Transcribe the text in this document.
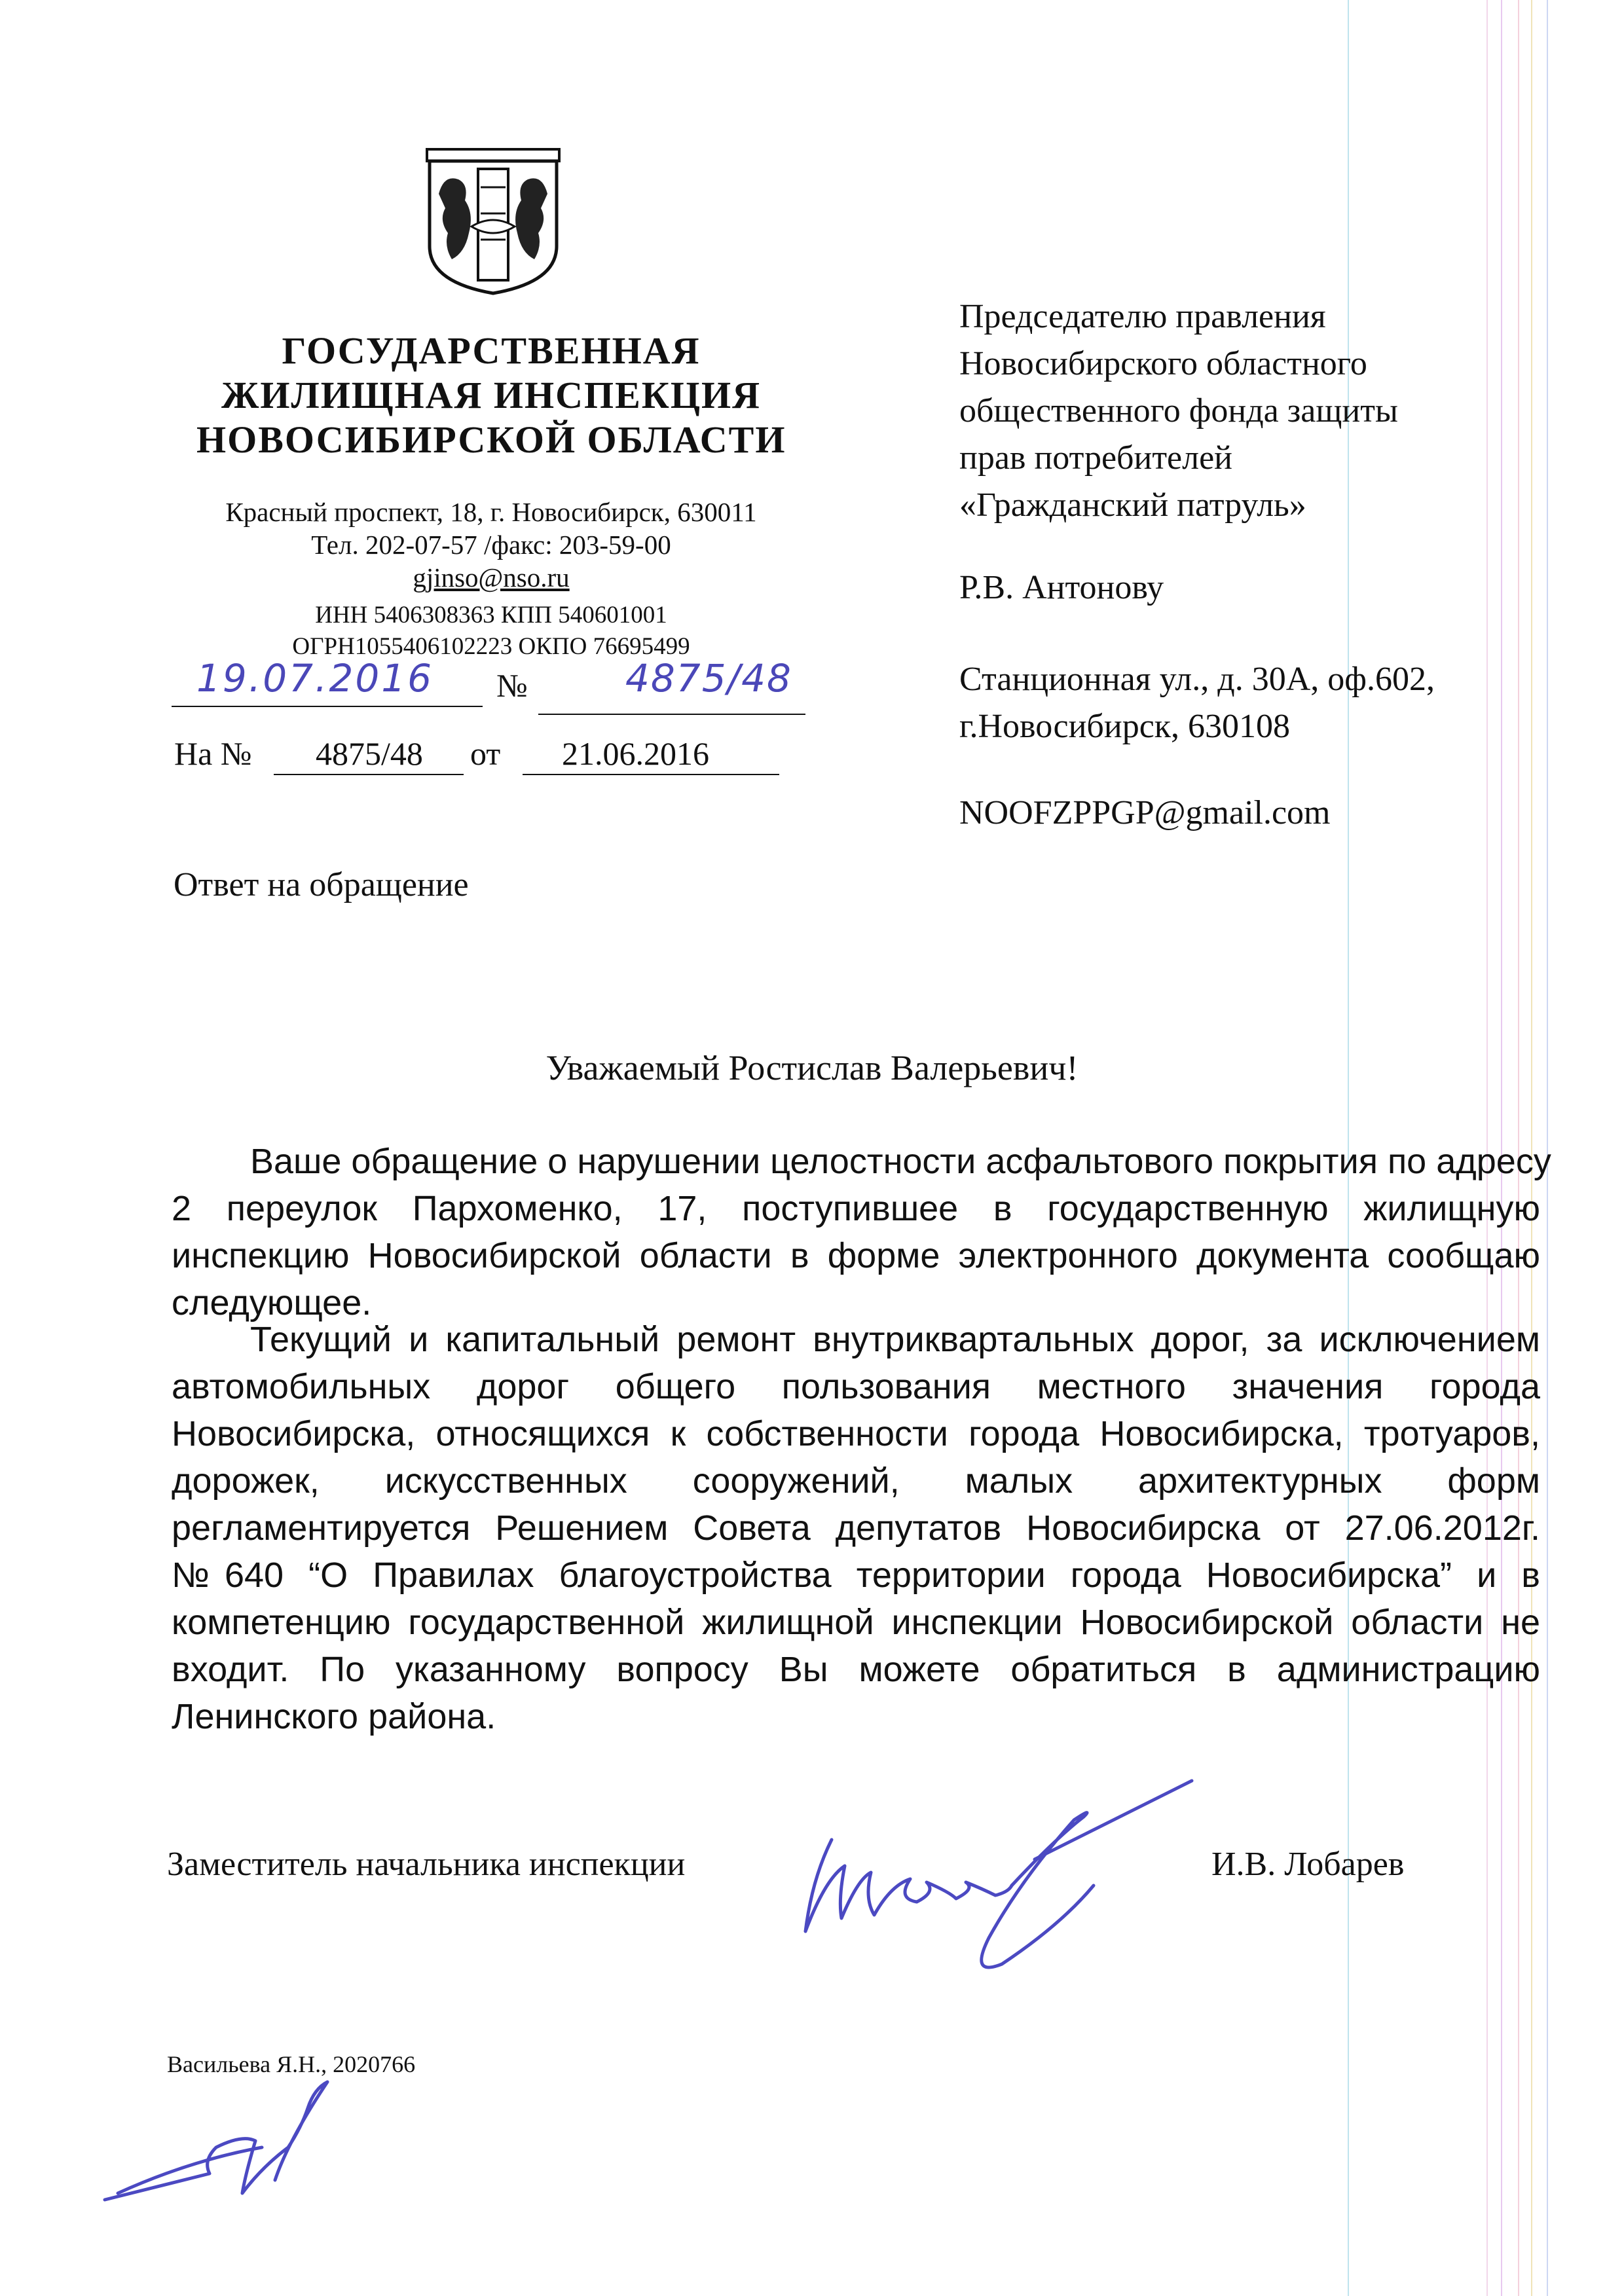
ГОСУДАРСТВЕННАЯ
ЖИЛИЩНАЯ ИНСПЕКЦИЯ
НОВОСИБИРСКОЙ ОБЛАСТИ
Красный проспект, 18, г. Новосибирск, 630011
Тел. 202-07-57 /факс: 203-59-00
gjinso@nso.ru
ИНН 5406308363 КПП 540601001
ОГРН1055406102223 ОКПО 76695499
19.07.2016 №	4875/48
На № 4875/48 от 21.06.2016
Председателю правления
Новосибирского областного
общественного фонда защиты
прав потребителей
«Гражданский патруль»
Р.В. Антонову
Станционная ул., д. 30А, оф.602,
г.Новосибирск, 630108
NOOFZPPGP@gmail.com
Ответ на обращение
Уважаемый Ростислав Валерьевич!
Ваше обращение о нарушении целостности асфальтового покрытия по адресу
2 переулок Пархоменко, 17, поступившее в государственную жилищную
инспекцию Новосибирской области в форме электронного документа сообщаю
следующее.
Текущий и капитальный ремонт внутриквартальных дорог, за исключением
автомобильных дорог общего пользования местного значения города
Новосибирска, относящихся к собственности города Новосибирска, тротуаров,
дорожек, искусственных сооружений, малых архитектурных форм
регламентируется Решением Совета депутатов Новосибирска от 27.06.2012г.
№640 “О Правилах благоустройства территории города Новосибирска” и в
компетенцию государственной жилищной инспекции Новосибирской области не
входит. По указанному вопросу Вы можете обратиться в администрацию
Ленинского района.
Заместитель начальника инспекции	И.В. Лобарев
Васильева Я.Н., 2020766
